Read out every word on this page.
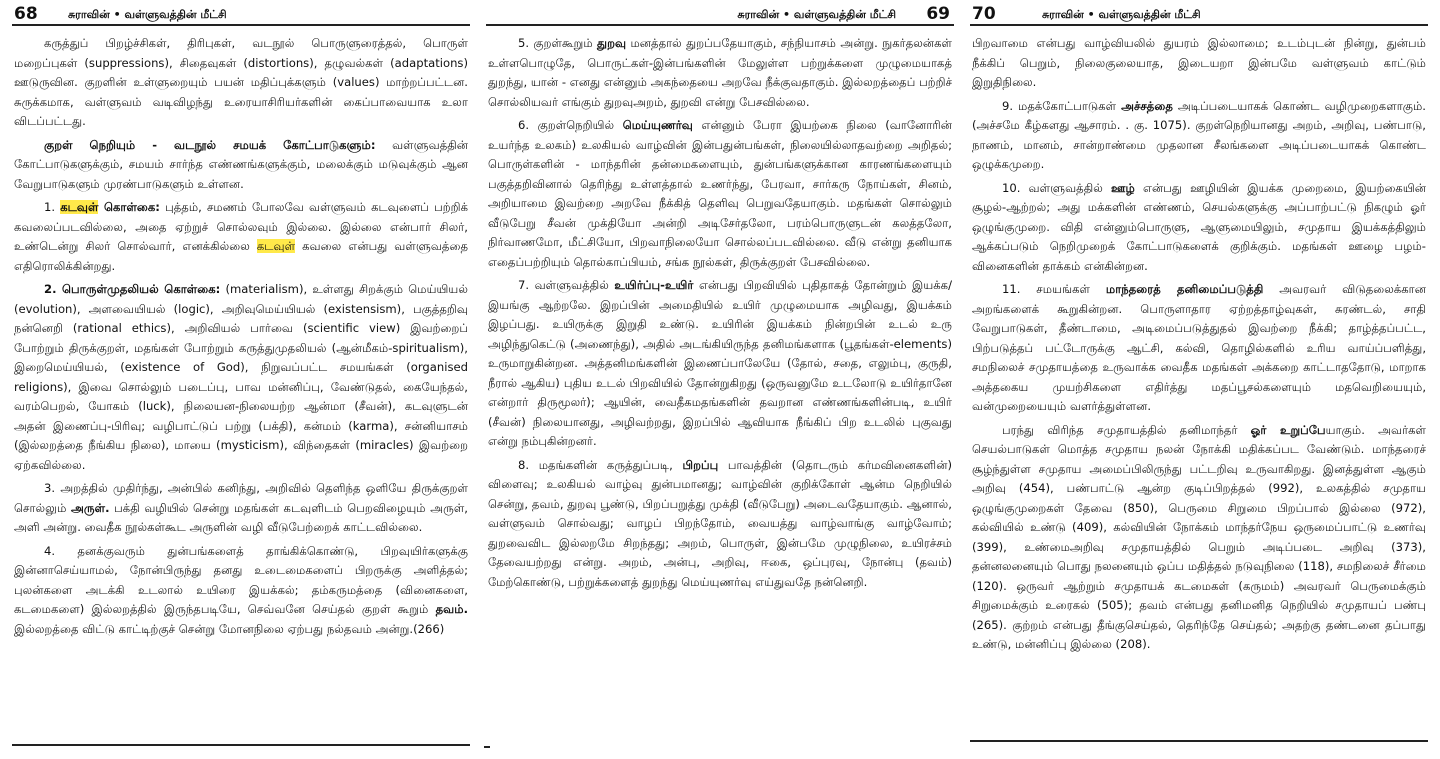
68	சுராவின் • வள்ளுவத்தின் மீட்சி

கருத்துப் பிறழ்ச்சிகள், திரிபுகள், வடநூல் பொருளுரைத்தல், பொருள் மறைப்புகள் (suppressions), சிதைவுகள் (distortions), தழுவல்கள் (adaptations) ஊடுருவின. குறளின் உள்ளுறையும் பயன் மதிப்புக்களும் (values) மாற்றப்பட்டன. சுருக்கமாக, வள்ளுவம் வடிவிழந்து உரையாசிரியர்களின் கைப்பாவையாக உலா விடப்பட்டது.

குறள் நெறியும் - வடநூல் சமயக் கோட்பாடுகளும்: வள்ளுவத்தின் கோட்பாடுகளுக்கும், சமயம் சார்ந்த எண்ணங்களுக்கும், மலைக்கும் மடுவுக்கும் ஆன வேறுபாடுகளும் முரண்பாடுகளும் உள்ளன.

1. கடவுள் கொள்கை: புத்தம், சமணம் போலவே வள்ளுவம் கடவுளைப் பற்றிக் கவலைப்படவில்லை, அதை ஏற்றுச் சொல்லவும் இல்லை. இல்லை என்பார் சிலர், உண்டென்று சிலர் சொல்வார், எனக்கில்லை கடவுள் கவலை என்பது வள்ளுவத்தை எதிரொலிக்கின்றது.

2. பொருள்முதலியல் கொள்கை: (materialism), உள்ளது சிறக்கும் மெய்யியல் (evolution), அளவையியல் (logic), அறிவுமெய்யியல் (existensism), பகுத்தறிவு நன்னெறி (rational ethics), அறிவியல் பார்வை (scientific view) இவற்றைப் போற்றும் திருக்குறள், மதங்கள் போற்றும் கருத்துமுதலியல் (ஆன்மீகம்-spiritualism), இறைமெய்யியல், (existence of God), நிறுவப்பட்ட சமயங்கள் (organised religions), இவை சொல்லும் படைப்பு, பாவ மன்னிப்பு, வேண்டுதல், கையேந்தல், வரம்பெறல், யோகம் (luck), நிலையன-நிலையற்ற ஆன்மா (சீவன்), கடவுளுடன் அதன் இணைப்பு-பிரிவு; வழிபாட்டுப் பற்று (பக்தி), கன்மம் (karma), சன்னியாசம் (இல்லறத்தை நீங்கிய நிலை), மாயை (mysticism), விந்தைகள் (miracles) இவற்றை ஏற்கவில்லை.

3. அறத்தில் முதிர்ந்து, அன்பில் கனிந்து, அறிவில் தெளிந்த ஒளியே திருக்குறள் சொல்லும் அருள். பக்தி வழியில் சென்று மதங்கள் கடவுளிடம் பெறவிழையும் அருள், அளி அன்று. வைதீக நூல்கள்கூட அருளின் வழி வீடுபேற்றைக் காட்டவில்லை.

4. தனக்குவரும் துன்பங்களைத் தாங்கிக்கொண்டு, பிறவுயிர்களுக்கு இன்னாசெய்யாமல், நோன்பிருந்து தனது உடைமைகளைப் பிறருக்கு அளித்தல்; புலன்களை அடக்கி உடலால் உயிரை இயக்கல்; தம்கருமத்தை (வினைகளை, கடமைகளை) இல்லறத்தில் இருந்தபடியே, செவ்வனே செய்தல் குறள் கூறும் தவம். இல்லறத்தை விட்டு காட்டிற்குச் சென்று மோனநிலை ஏற்பது நல்தவம் அன்று.(266)

சுராவின் • வள்ளுவத்தின் மீட்சி 69

5. குறள்கூறும் துறவு மனத்தால் துறப்பதேயாகும், சந்நியாசம் அன்று. நுகர்தலன்கள் உள்ளபொழுதே, பொருட்கள்-இன்பங்களின் மேலுள்ள பற்றுக்களை முழுமையாகத் துறந்து, யான் - எனது என்னும் அகந்தையை அறவே நீக்குவதாகும். இல்லறத்தைப் பற்றிச் சொல்லியவர் எங்கும் துறவுஅறம், துறவி என்று பேசவில்லை.

6. குறள்நெறியில் மெய்யுணர்வு என்னும் பேரா இயற்கை நிலை (வானோரின் உயர்ந்த உலகம்) உலகியல் வாழ்வின் இன்பதுன்பங்கள், நிலையில்லாதவற்றை அறிதல்; பொருள்களின் - மாந்தரின் தன்மைகளையும், துன்பங்களுக்கான காரணங்களையும் பகுத்தறிவினால் தெரிந்து உள்ளத்தால் உணர்ந்து, பேரவா, சார்கரு நோய்கள், சினம், அறியாமை இவற்றை அறவே நீக்கித் தெளிவு பெறுவதேயாகும். மதங்கள் சொல்லும் வீடுபேறு சீவன் முக்தியோ அன்றி அடிசேர்தலோ, பரம்பொருளுடன் கலத்தலோ, நிர்வாணமோ, மீட்சியோ, பிறவாநிலையோ சொல்லப்படவில்லை. வீடு என்று தனியாக எதைப்பற்றியும் தொல்காப்பியம், சங்க நூல்கள், திருக்குறள் பேசவில்லை.

7. வள்ளுவத்தில் உயிர்ப்பு-உயிர் என்பது பிறவியில் புதிதாகத் தோன்றும் இயக்க/இயங்கு ஆற்றலே. இறப்பின் அமைதியில் உயிர் முழுமையாக அழிவது, இயக்கம் இழப்பது. உயிருக்கு இறுதி உண்டு. உயிரின் இயக்கம் நின்றபின் உடல் உரு அழிந்துகெட்டு (அணைந்து), அதில் அடங்கியிருந்த தனிமங்களாக (பூதங்கள்-elements) உருமாறுகின்றன. அத்தனிமங்களின் இணைப்பாலேயே (தோல், சதை, எலும்பு, குருதி, நீரால் ஆகிய) புதிய உடல் பிறவியில் தோன்றுகிறது (ஒருவனுமே உடலோடு உயிர்தானே என்றார் திருமூலர்); ஆயின், வைதீகமதங்களின் தவறான எண்ணங்களின்படி, உயிர் (சீவன்) நிலையானது, அழிவற்றது, இறப்பில் ஆவியாக நீங்கிப் பிற உடலில் புகுவது என்று நம்புகின்றனர்.

8. மதங்களின் கருத்துப்படி, பிறப்பு பாவத்தின் (தொடரும் கர்மவினைகளின்) விளைவு; உலகியல் வாழ்வு துன்பமானது; வாழ்வின் குறிக்கோள் ஆன்ம நெறியில் சென்று, தவம், துறவு பூண்டு, பிறப்பறுத்து முக்தி (வீடுபேறு) அடைவதேயாகும். ஆனால், வள்ளுவம் சொல்வது; வாழப் பிறந்தோம், வையத்து வாழ்வாங்கு வாழ்வோம்; துறவைவிட இல்லறமே சிறந்தது; அறம், பொருள், இன்பமே முழுநிலை, உயிரச்சம் தேவையற்றது என்று. அறம், அன்பு, அறிவு, ஈகை, ஒப்புரவு, நோன்பு (தவம்) மேற்கொண்டு, பற்றுக்களைத் துறந்து மெய்யுணர்வு எய்துவதே நன்னெறி.

70	சுராவின் • வள்ளுவத்தின் மீட்சி

பிறவாமை என்பது வாழ்வியலில் துயரம் இல்லாமை; உடம்புடன் நின்று, துன்பம் நீக்கிப் பெறும், நிலைகுலையாத, இடையறா இன்பமே வள்ளுவம் காட்டும் இறுதிநிலை.

9. மதக்கோட்பாடுகள் அச்சத்தை அடிப்படையாகக் கொண்ட வழிமுறைகளாகும். (அச்சமே கீழ்களது ஆசாரம். . கு. 1075). குறள்நெறியானது அறம், அறிவு, பண்பாடு, நாணம், மானம், சான்றாண்மை முதலான சீலங்களை அடிப்படையாகக் கொண்ட ஒழுக்கமுறை.

10. வள்ளுவத்தில் ஊழ் என்பது ஊழியின் இயக்க முறைமை, இயற்கையின் சூழல்-ஆற்றல்; அது மக்களின் எண்ணம், செயல்களுக்கு அப்பாற்பட்டு நிகழும் ஓர் ஒழுங்குமுறை. விதி என்னும்பொருளு, ஆளுமையிலும், சமுதாய இயக்கத்திலும் ஆக்கப்படும் நெறிமுறைக் கோட்பாடுகளைக் குறிக்கும். மதங்கள் ஊழை பழம்-வினைகளின் தாக்கம் என்கின்றன.

11. சமயங்கள் மாந்தரைத் தனிமைப்படுத்தி அவரவர் விடுதலைக்கான அறங்களைக் கூறுகின்றன. பொருளாதார ஏற்றத்தாழ்வுகள், சுரண்டல், சாதி வேறுபாடுகள், தீண்டாமை, அடிமைப்படுத்துதல் இவற்றை நீக்கி; தாழ்த்தப்பட்ட, பிற்படுத்தப் பட்டோருக்கு ஆட்சி, கல்வி, தொழில்களில் உரிய வாய்ப்பளித்து, சமநிலைச் சமுதாயத்தை உருவாக்க வைதீக மதங்கள் அக்கறை காட்டாததோடு, மாறாக அத்தகைய முயற்சிகளை எதிர்த்து மதப்பூசல்களையும் மதவெறியையும், வன்முறையையும் வளர்த்துள்ளன.

பரந்து விரிந்த சமுதாயத்தில் தனிமாந்தர் ஓர் உறுப்பேயாகும். அவர்கள் செயல்பாடுகள் மொத்த சமுதாய நலன் நோக்கி மதிக்கப்பட வேண்டும். மாந்தரைச் சூழ்ந்துள்ள சமுதாய அமைப்பிலிருந்து பட்டறிவு உருவாகிறது. இனத்துள்ள ஆகும் அறிவு (454), பண்பாட்டு ஆன்ற குடிப்பிறத்தல் (992), உலகத்தில் சமுதாய ஒழுங்குமுறைகள் தேவை (850), பெருமை சிறுமை பிறப்பால் இல்லை (972), கல்வியில் உண்டு (409), கல்வியின் நோக்கம் மாந்தர்நேய ஒருமைப்பாட்டு உணர்வு (399), உண்மைஅறிவு சமுதாயத்தில் பெறும் அடிப்படை அறிவு (373), தன்னலனையும் பொது நலனையும் ஒப்ப மதித்தல் நடுவுநிலை (118), சமநிலைச் சீர்மை (120). ஒருவர் ஆற்றும் சமுதாயக் கடமைகள் (கருமம்) அவரவர் பெருமைக்கும் சிறுமைக்கும் உரைகல் (505); தவம் என்பது தனிமனித நெறியில் சமுதாயப் பண்பு (265). குற்றம் என்பது தீங்குசெய்தல், தெரிந்தே செய்தல்; அதற்கு தண்டனை தப்பாது உண்டு, மன்னிப்பு இல்லை (208).
